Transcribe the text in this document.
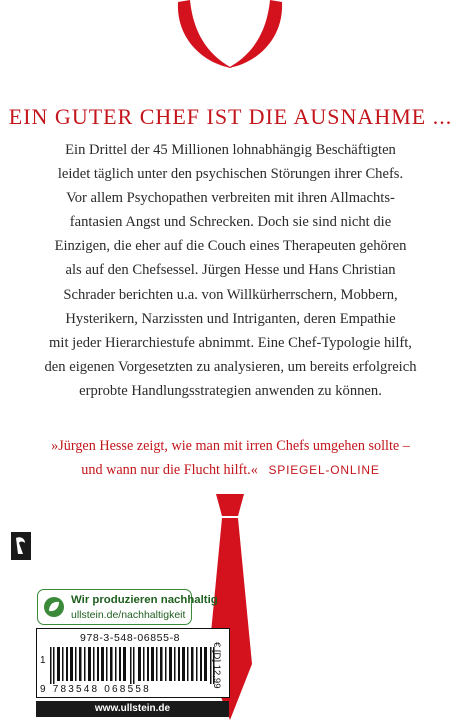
EIN GUTER CHEF IST DIE AUSNAHME ...
Ein Drittel der 45 Millionen lohnabhängig Beschäftigten
leidet täglich unter den psychischen Störungen ihrer Chefs.
Vor allem Psychopathen verbreiten mit ihren Allmachts-
fantasien Angst und Schrecken. Doch sie sind nicht die
Einzigen, die eher auf die Couch eines Therapeuten gehören
als auf den Chefsessel. Jürgen Hesse und Hans Christian
Schrader berichten u.a. von Willkürherrschern, Mobbern,
Hysterikern, Narzissten und Intriganten, deren Empathie
mit jeder Hierarchiestufe abnimmt. Eine Chef-Typologie hilft,
den eigenen Vorgesetzten zu analysieren, um bereits erfolgreich
erprobte Handlungsstrategien anwenden zu können.
»Jürgen Hesse zeigt, wie man mit irren Chefs umgehen sollte –
und wann nur die Flucht hilft.« SPIEGEL-ONLINE
Wir produzieren nachhaltig
ullstein.de/nachhaltigkeit
978-3-548-06855-8
1
9 783548 068558
€ [D] 12,99
www.ullstein.de
